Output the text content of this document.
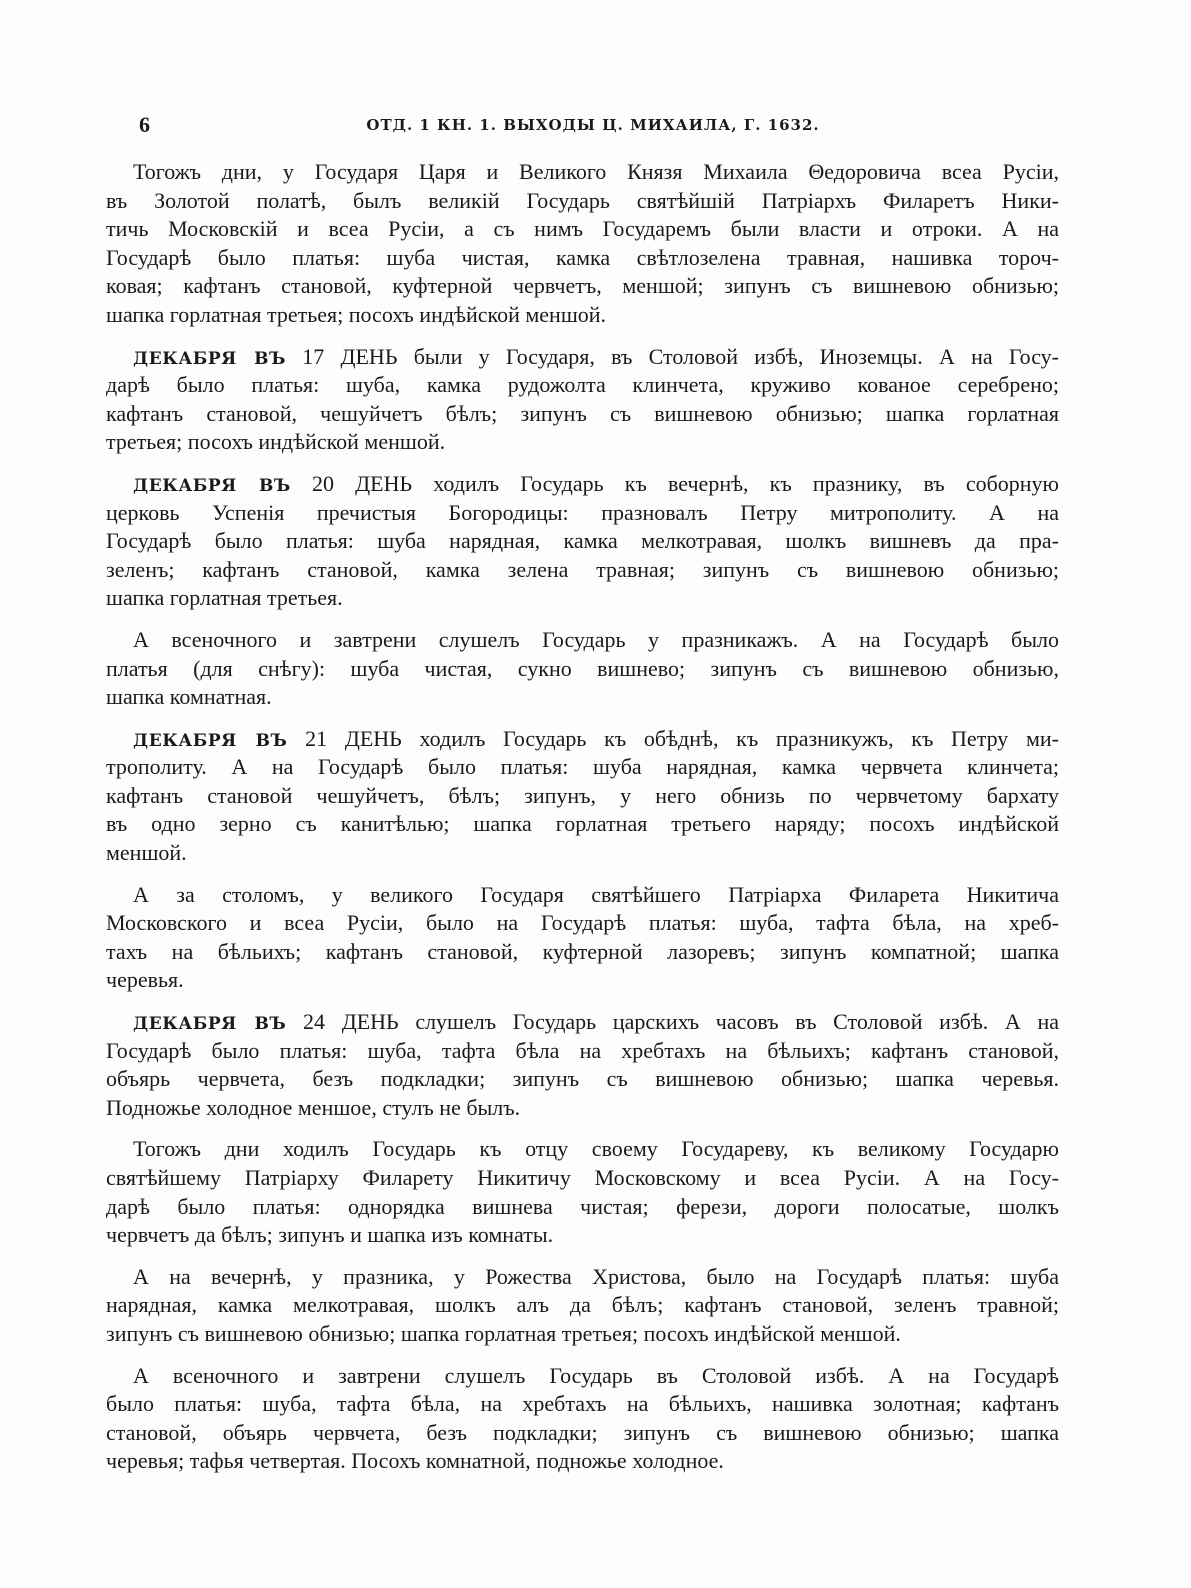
6	ОТД. 1 КН. 1. ВЫХОДЫ Ц. МИХАИЛА, Г. 1632.
Тогожъ дни, у Государя Царя и Великого Князя Михаила Θедоровича всеа Русіи,
въ Золотой полатѣ, былъ великій Государь святѣйшій Патріархъ Филаретъ Ники-
тичь Московскій и всеа Русіи, а съ нимъ Государемъ были власти и отроки. А на
Государѣ было платья: шуба чистая, камка свѣтлозелена травная, нашивка тороч-
ковая; кафтанъ становой, куфтерной червчетъ, меншой; зипунъ съ вишневою обнизью;
шапка горлатная третьея; посохъ индѣйской меншой.
ДЕКАБРЯ ВЪ 17 ДЕНЬ были у Государя, въ Столовой избѣ, Иноземцы. А на Госу-
дарѣ было платья: шуба, камка рудожолта клинчета, круживо кованое серебрено;
кафтанъ становой, чешуйчетъ бѣлъ; зипунъ съ вишневою обнизью; шапка горлатная
третьея; посохъ индѣйской меншой.
ДЕКАБРЯ ВЪ 20 ДЕНЬ ходилъ Государь къ вечернѣ, къ празнику, въ соборную
церковь Успенія пречистыя Богородицы: празновалъ Петру митрополиту. А на
Государѣ было платья: шуба нарядная, камка мелкотравая, шолкъ вишневъ да пра-
зеленъ; кафтанъ становой, камка зелена травная; зипунъ съ вишневою обнизью;
шапка горлатная третьея.
А всеночного и завтрени слушелъ Государь у празникажъ. А на Государѣ было
платья (для снѣгу): шуба чистая, сукно вишнево; зипунъ съ вишневою обнизью,
шапка комнатная.
ДЕКАБРЯ ВЪ 21 ДЕНЬ ходилъ Государь къ обѣднѣ, къ празникужъ, къ Петру ми-
трополиту. А на Государѣ было платья: шуба нарядная, камка червчета клинчета;
кафтанъ становой чешуйчетъ, бѣлъ; зипунъ, у него обнизь по червчетому бархату
въ одно зерно съ канитѣлью; шапка горлатная третьего наряду; посохъ индѣйской
меншой.
А за столомъ, у великого Государя святѣйшего Патріарха Филарета Никитича
Московского и всеа Русіи, было на Государѣ платья: шуба, тафта бѣла, на хреб-
тахъ на бѣльихъ; кафтанъ становой, куфтерной лазоревъ; зипунъ компатной; шапка
черевья.
ДЕКАБРЯ ВЪ 24 ДЕНЬ слушелъ Государь царскихъ часовъ въ Столовой избѣ. А на
Государѣ было платья: шуба, тафта бѣла на хребтахъ на бѣльихъ; кафтанъ становой,
объярь червчета, безъ подкладки; зипунъ съ вишневою обнизью; шапка черевья.
Подножье холодное меншое, стулъ не былъ.
Тогожъ дни ходилъ Государь къ отцу своему Государеву, къ великому Государю
святѣйшему Патріарху Филарету Никитичу Московскому и всеа Русіи. А на Госу-
дарѣ было платья: однорядка вишнева чистая; ферези, дороги полосатые, шолкъ
червчетъ да бѣлъ; зипунъ и шапка изъ комнаты.
А на вечернѣ, у празника, у Рожества Христова, было на Государѣ платья: шуба
нарядная, камка мелкотравая, шолкъ алъ да бѣлъ; кафтанъ становой, зеленъ травной;
зипунъ съ вишневою обнизью; шапка горлатная третьея; посохъ индѣйской меншой.
А всеночного и завтрени слушелъ Государь въ Столовой избѣ. А на Государѣ
было платья: шуба, тафта бѣла, на хребтахъ на бѣльихъ, нашивка золотная; кафтанъ
становой, объярь червчета, безъ подкладки; зипунъ съ вишневою обнизью; шапка
черевья; тафья четвертая. Посохъ комнатной, подножье холодное.
